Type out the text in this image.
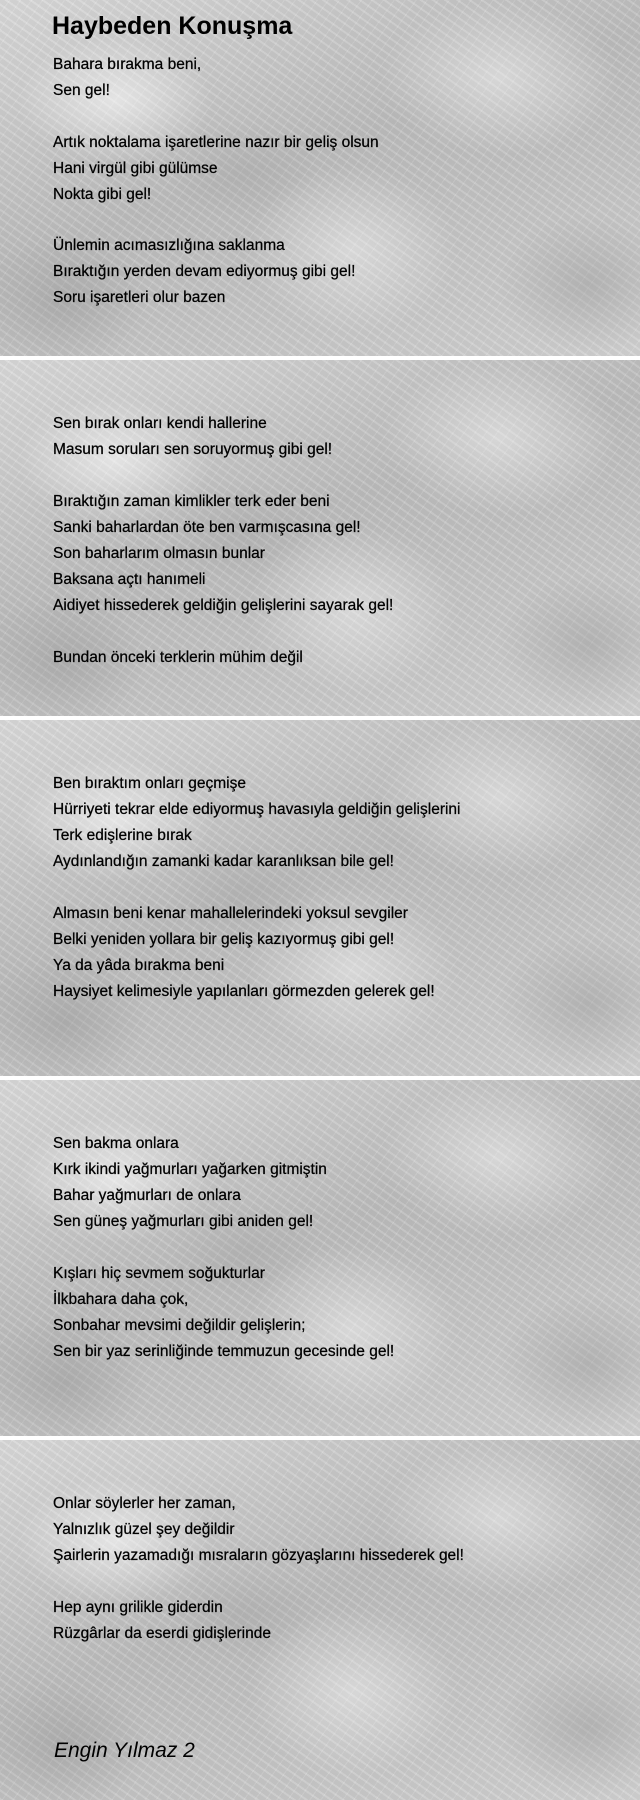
Haybeden Konuşma
Bahara bırakma beni,
Sen gel!
Artık noktalama işaretlerine nazır bir geliş olsun
Hani virgül gibi gülümse
Nokta gibi gel!
Ünlemin acımasızlığına saklanma
Bıraktığın yerden devam ediyormuş gibi gel!
Soru işaretleri olur bazen
Sen bırak onları kendi hallerine
Masum soruları sen soruyormuş gibi gel!
Bıraktığın zaman kimlikler terk eder beni
Sanki baharlardan öte ben varmışcasına gel!
Son baharlarım olmasın bunlar
Baksana açtı hanımeli
Aidiyet hissederek geldiğin gelişlerini sayarak gel!
Bundan önceki terklerin mühim değil
Ben bıraktım onları geçmişe
Hürriyeti tekrar elde ediyormuş havasıyla geldiğin gelişlerini
Terk edişlerine bırak
Aydınlandığın zamanki kadar karanlıksan bile gel!
Almasın beni kenar mahallelerindeki yoksul sevgiler
Belki yeniden yollara bir geliş kazıyormuş gibi gel!
Ya da yâda bırakma beni
Haysiyet kelimesiyle yapılanları görmezden gelerek gel!
Sen bakma onlara
Kırk ikindi yağmurları yağarken gitmiştin
Bahar yağmurları de onlara
Sen güneş yağmurları gibi aniden gel!
Kışları hiç sevmem soğukturlar
İlkbahara daha çok,
Sonbahar mevsimi değildir gelişlerin;
Sen bir yaz serinliğinde temmuzun gecesinde gel!
Onlar söylerler her zaman,
Yalnızlık güzel şey değildir
Şairlerin yazamadığı mısraların gözyaşlarını hissederek gel!
Hep aynı grilikle giderdin
Rüzgârlar da eserdi gidişlerinde

Engin Yılmaz 2
